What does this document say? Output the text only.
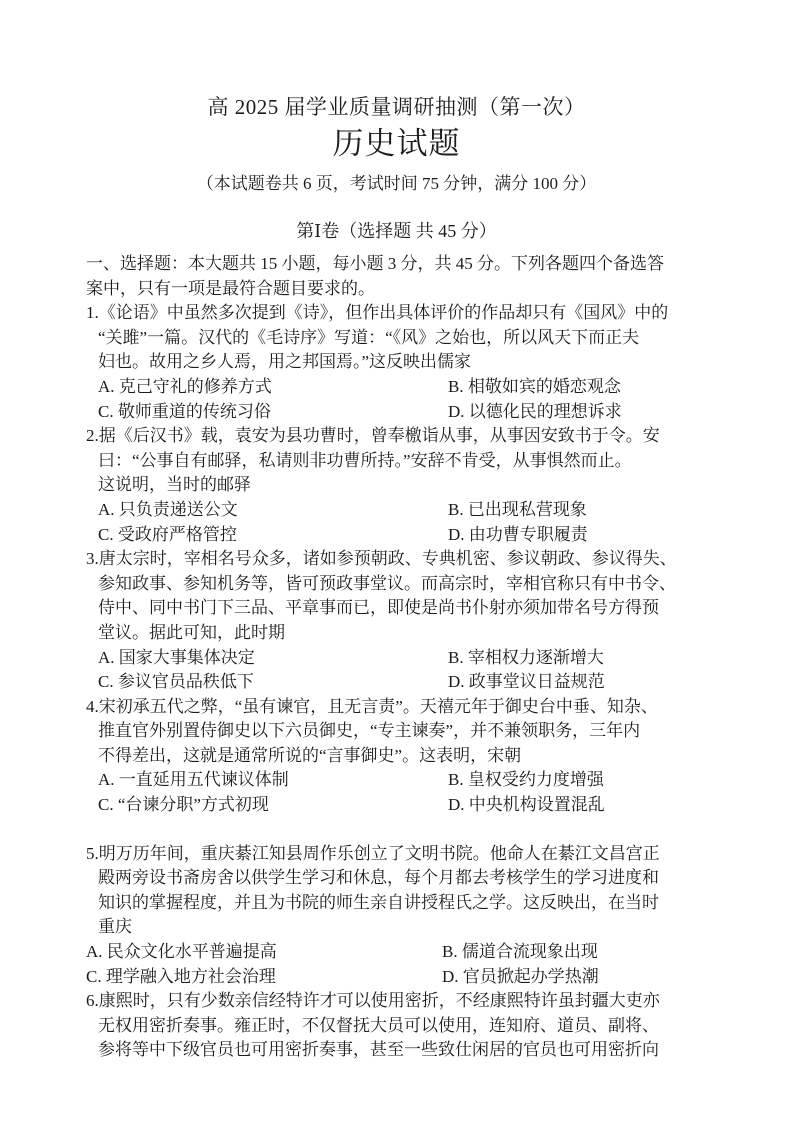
高 2025 届学业质量调研抽测（第一次）
历史试题
（本试题卷共 6 页，考试时间 75 分钟，满分 100 分）
第Ⅰ卷（选择题 共 45 分）
一、选择题：本大题共 15 小题，每小题 3 分，共 45 分。下列各题四个备选答
案中，只有一项是最符合题目要求的。
1.《论语》中虽然多次提到《诗》，但作出具体评价的作品却只有《国风》中的
“关雎”一篇。汉代的《毛诗序》写道：“《风》之始也，所以风天下而正夫
妇也。故用之乡人焉，用之邦国焉。”这反映出儒家
A. 克己守礼的修养方式	B. 相敬如宾的婚恋观念
C. 敬师重道的传统习俗	D. 以德化民的理想诉求
2.据《后汉书》载，袁安为县功曹时，曾奉檄诣从事，从事因安致书于令。安
曰：“公事自有邮驿，私请则非功曹所持。”安辞不肯受，从事惧然而止。
这说明，当时的邮驿
A. 只负责递送公文	B. 已出现私营现象
C. 受政府严格管控	D. 由功曹专职履责
3.唐太宗时，宰相名号众多，诸如参预朝政、专典机密、参议朝政、参议得失、
参知政事、参知机务等，皆可预政事堂议。而高宗时，宰相官称只有中书令、
侍中、同中书门下三品、平章事而已，即使是尚书仆射亦须加带名号方得预
堂议。据此可知，此时期
A. 国家大事集体决定	B. 宰相权力逐渐增大
C. 参议官员品秩低下	D. 政事堂议日益规范
4.宋初承五代之弊，“虽有谏官，且无言责”。天禧元年于御史台中垂、知杂、
推直官外别置侍御史以下六员御史，“专主谏奏”，并不兼领职务，三年内
不得差出，这就是通常所说的“言事御史”。这表明，宋朝
A. 一直延用五代谏议体制	B. 皇权受约力度增强
C. “台谏分职”方式初现	D. 中央机构设置混乱
5.明万历年间，重庆綦江知县周作乐创立了文明书院。他命人在綦江文昌宫正
殿两旁设书斋房舍以供学生学习和休息，每个月都去考核学生的学习进度和
知识的掌握程度，并且为书院的师生亲自讲授程氏之学。这反映出，在当时
重庆
A. 民众文化水平普遍提高	B. 儒道合流现象出现
C. 理学融入地方社会治理	D. 官员掀起办学热潮
6.康熙时，只有少数亲信经特许才可以使用密折，不经康熙特许虽封疆大吏亦
无权用密折奏事。雍正时，不仅督抚大员可以使用，连知府、道员、副将、
参将等中下级官员也可用密折奏事，甚至一些致仕闲居的官员也可用密折向
